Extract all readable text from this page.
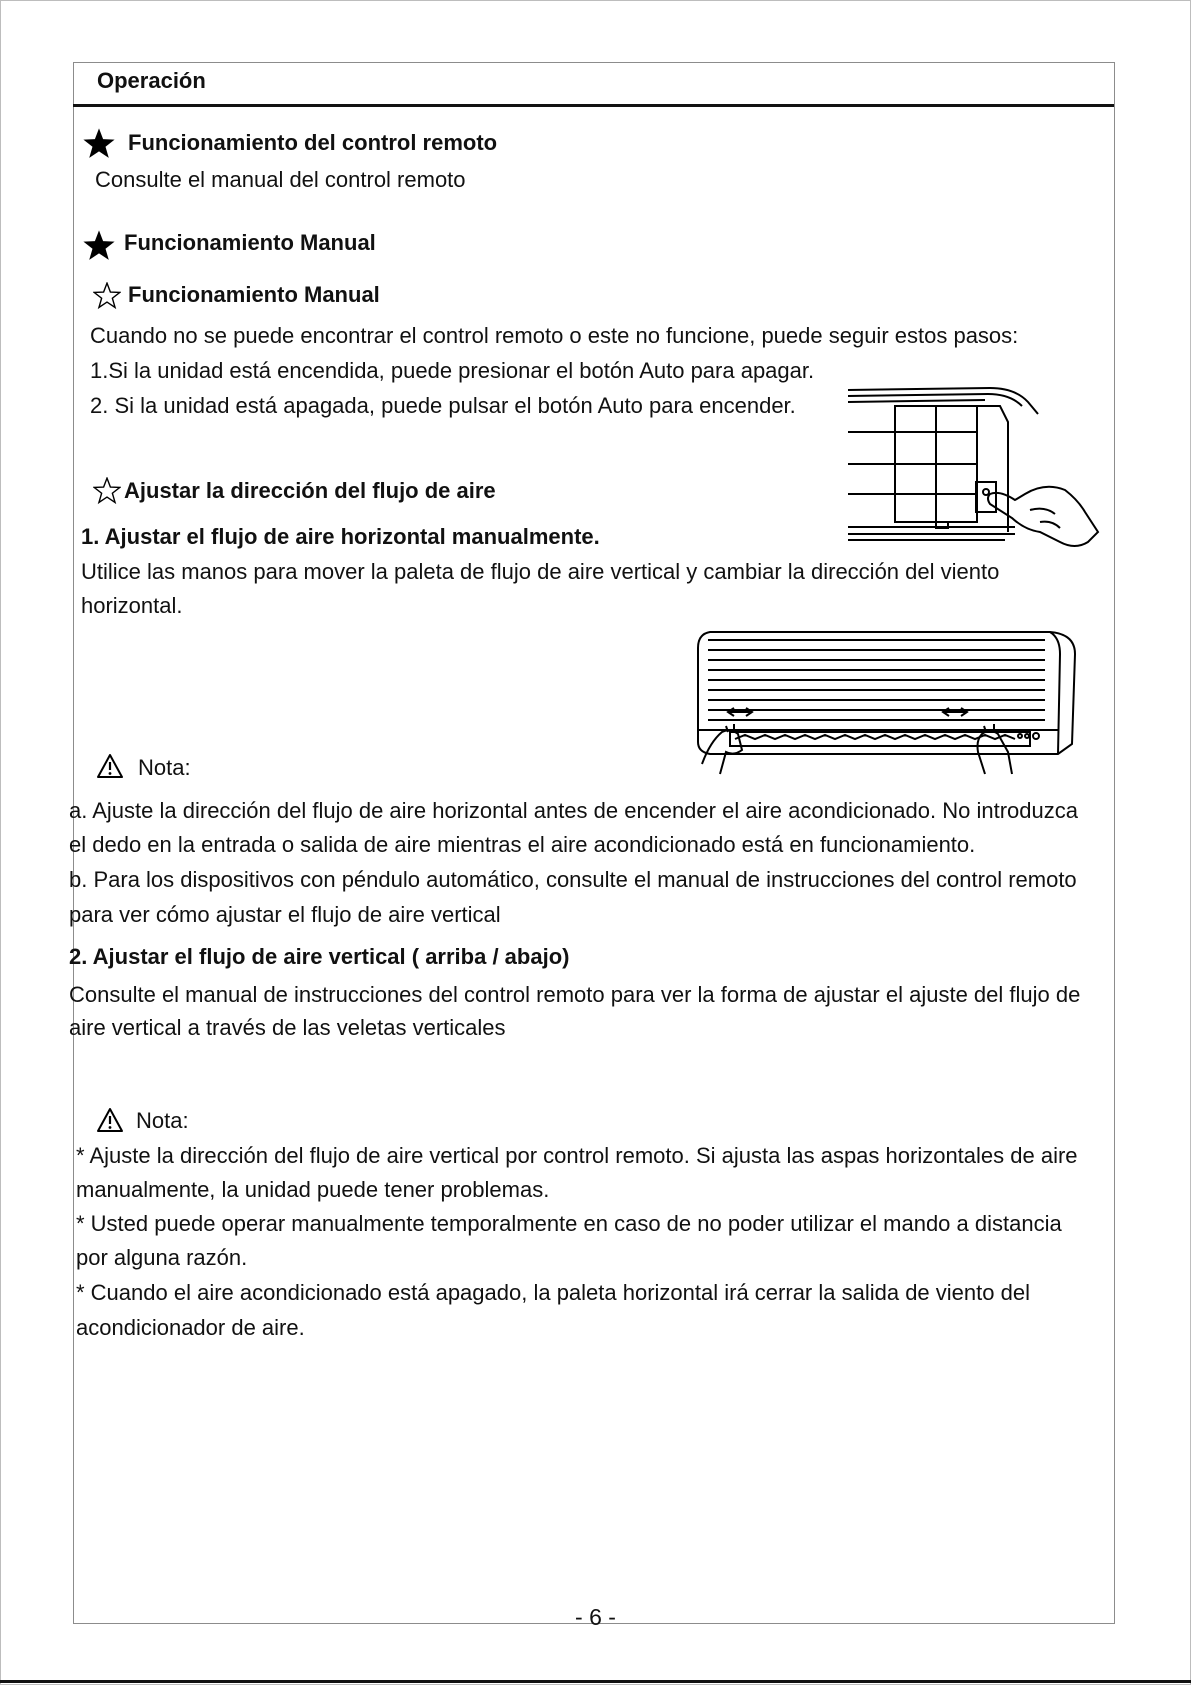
Operación
Funcionamiento del control remoto
Consulte el manual del control remoto
Funcionamiento Manual
Funcionamiento Manual
Cuando no se puede encontrar el control remoto o este no funcione, puede seguir estos pasos:
1.Si la unidad está encendida, puede presionar el botón Auto para apagar.
2. Si la unidad está apagada, puede pulsar el botón Auto para encender.
Ajustar la dirección del flujo de aire
1. Ajustar el flujo de aire horizontal manualmente.
Utilice las manos para mover la paleta de flujo de aire vertical y cambiar la dirección del viento
horizontal.
Nota:
a. Ajuste la dirección del flujo de aire horizontal antes de encender el aire acondicionado. No introduzca
el dedo en la entrada o salida de aire mientras el aire acondicionado está en funcionamiento.
b. Para los dispositivos con péndulo automático, consulte el manual de instrucciones del control remoto
para ver cómo ajustar el flujo de aire vertical
2. Ajustar el flujo de aire vertical ( arriba / abajo)
Consulte el manual de instrucciones del control remoto para ver la forma de ajustar el ajuste del flujo de
aire vertical a través de las veletas verticales
Nota:
* Ajuste la dirección del flujo de aire vertical por control remoto. Si ajusta las aspas horizontales de aire
manualmente, la unidad puede tener problemas.
* Usted puede operar manualmente temporalmente en caso de no poder utilizar el mando a distancia
por alguna razón.
* Cuando el aire acondicionado está apagado, la paleta horizontal irá cerrar la salida de viento del
acondicionador de aire.
- 6 -
